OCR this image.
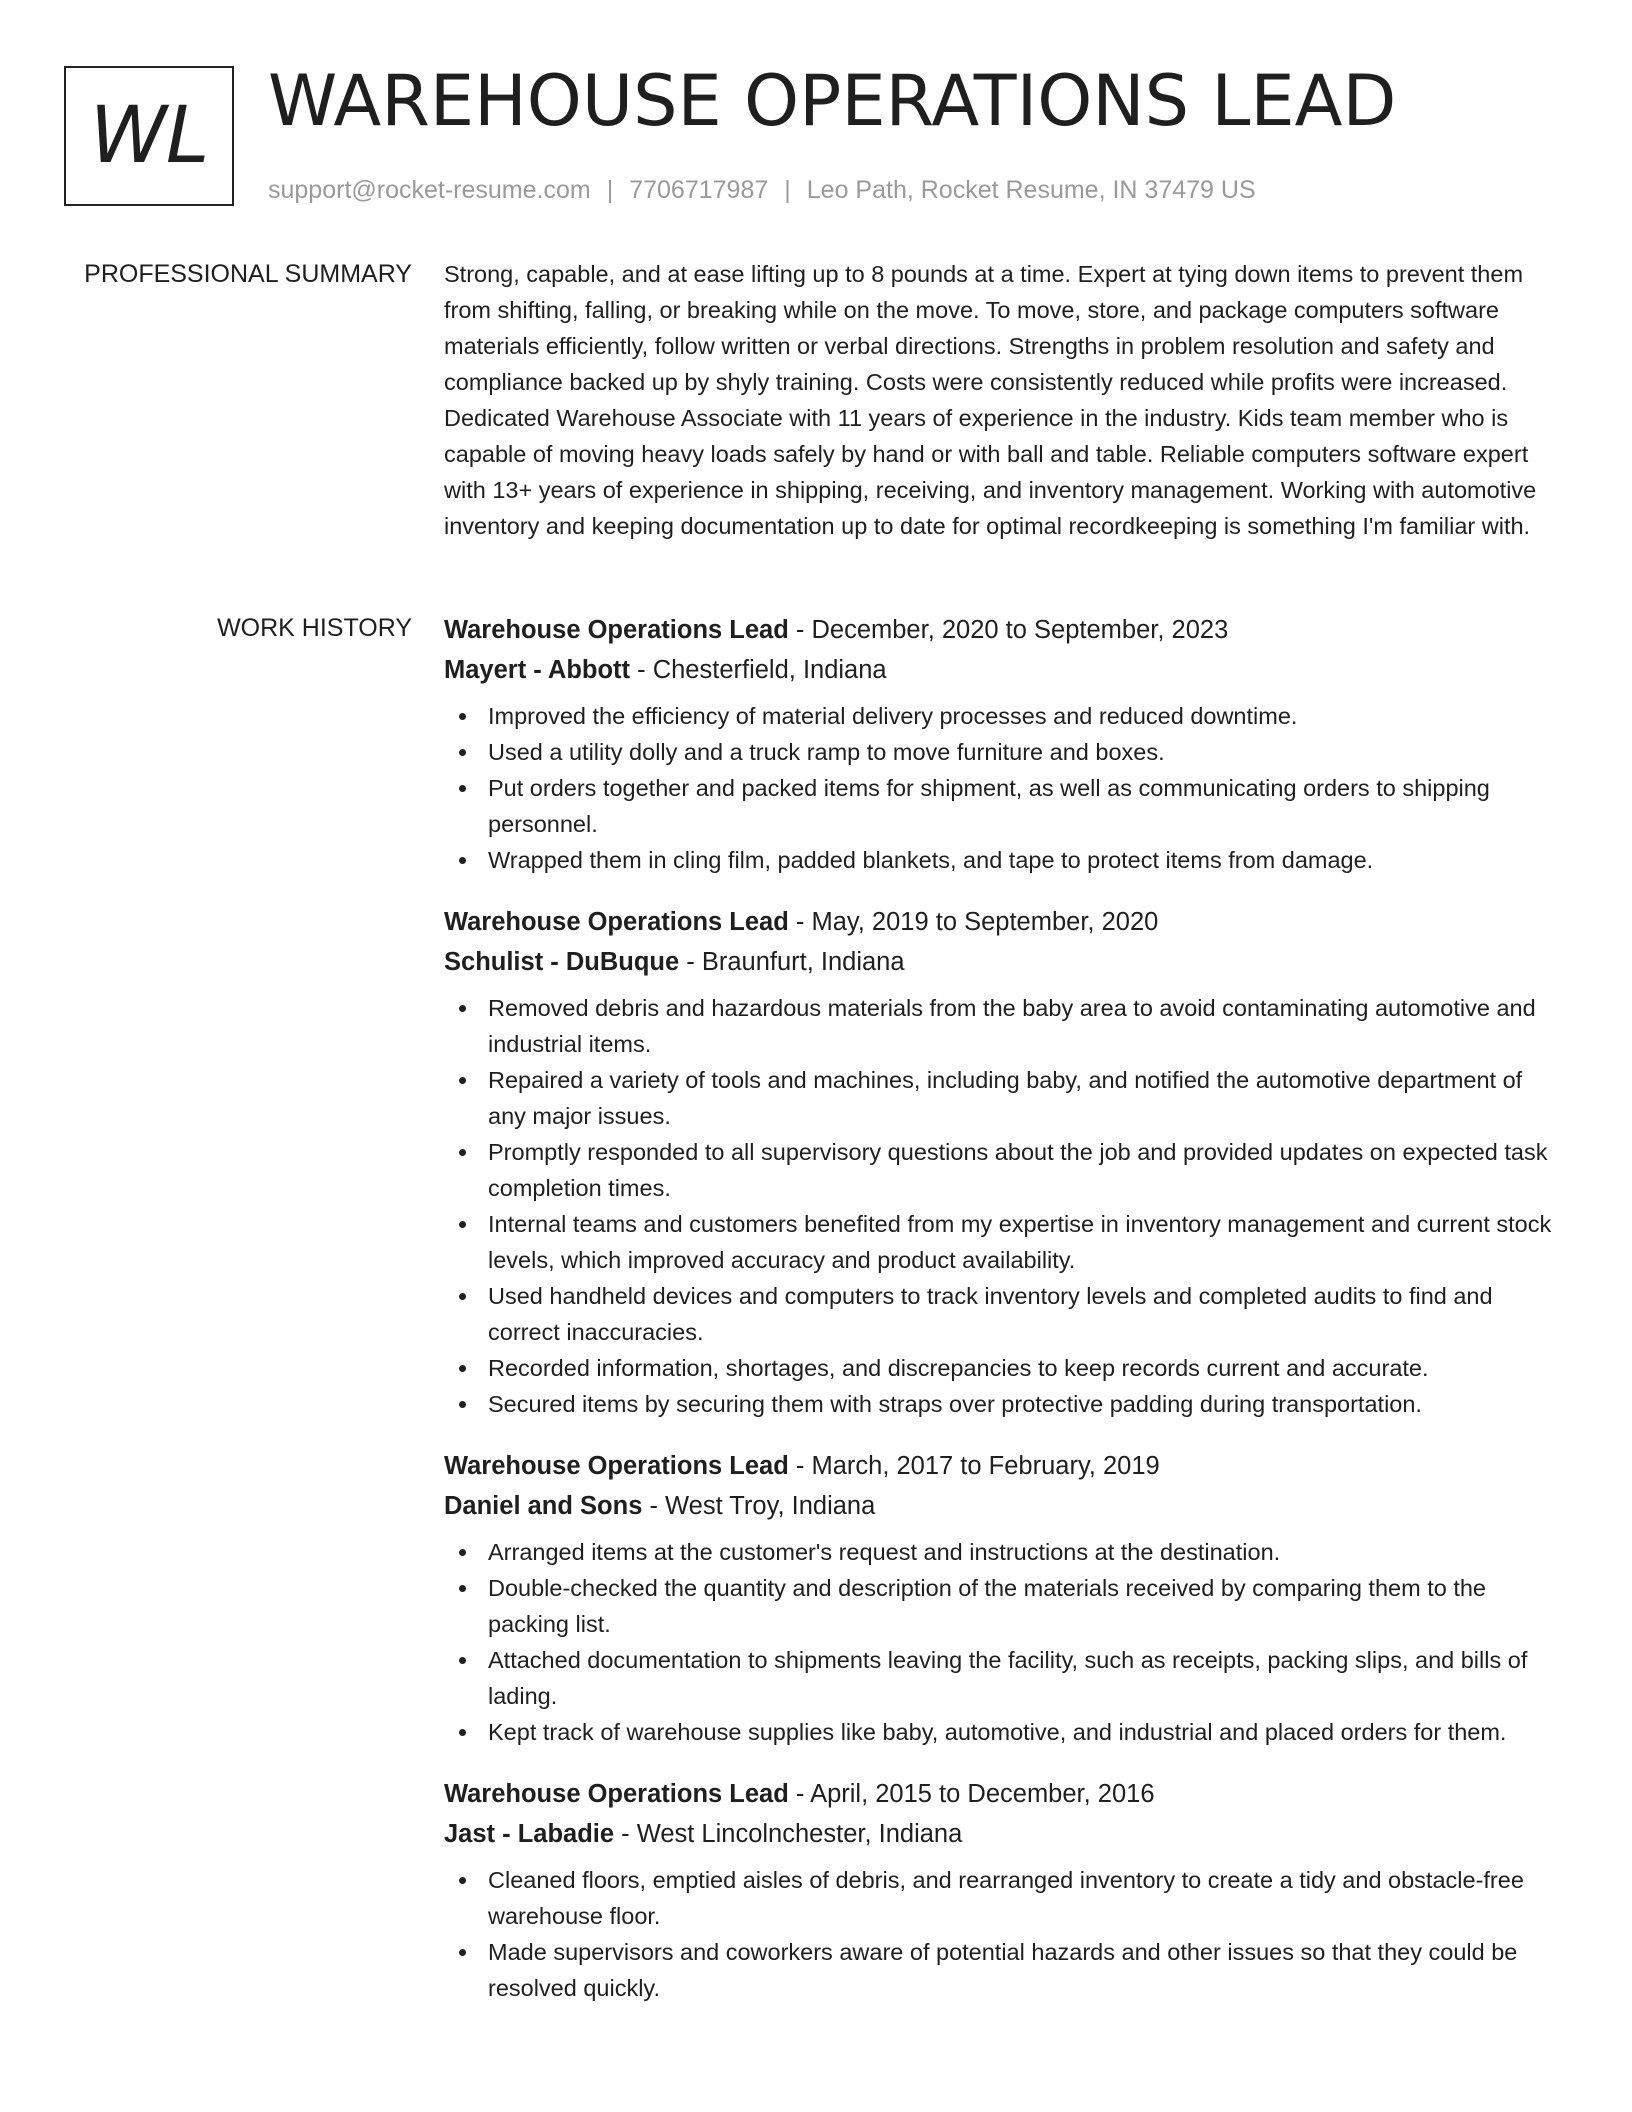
WL WAREHOUSE OPERATIONS LEAD
support@rocket-resume.com | 7706717987 | Leo Path, Rocket Resume, IN 37479 US
PROFESSIONAL SUMMARY Strong, capable, and at ease lifting up to 8 pounds at a time. Expert at tying down items to prevent them from shifting, falling, or breaking while on the move. To move, store, and package computers software materials efficiently, follow written or verbal directions. Strengths in problem resolution and safety and compliance backed up by shyly training. Costs were consistently reduced while profits were increased. Dedicated Warehouse Associate with 11 years of experience in the industry. Kids team member who is capable of moving heavy loads safely by hand or with ball and table. Reliable computers software expert with 13+ years of experience in shipping, receiving, and inventory management. Working with automotive inventory and keeping documentation up to date for optimal recordkeeping is something I'm familiar with.

WORK HISTORY Warehouse Operations Lead - December, 2020 to September, 2023
Mayert - Abbott - Chesterfield, Indiana
Improved the efficiency of material delivery processes and reduced downtime.
Used a utility dolly and a truck ramp to move furniture and boxes.
Put orders together and packed items for shipment, as well as communicating orders to shipping personnel.
Wrapped them in cling film, padded blankets, and tape to protect items from damage.
Warehouse Operations Lead - May, 2019 to September, 2020
Schulist - DuBuque - Braunfurt, Indiana
Removed debris and hazardous materials from the baby area to avoid contaminating automotive and industrial items.
Repaired a variety of tools and machines, including baby, and notified the automotive department of any major issues.
Promptly responded to all supervisory questions about the job and provided updates on expected task completion times.
Internal teams and customers benefited from my expertise in inventory management and current stock levels, which improved accuracy and product availability.
Used handheld devices and computers to track inventory levels and completed audits to find and correct inaccuracies.
Recorded information, shortages, and discrepancies to keep records current and accurate.
Secured items by securing them with straps over protective padding during transportation.
Warehouse Operations Lead - March, 2017 to February, 2019
Daniel and Sons - West Troy, Indiana
Arranged items at the customer's request and instructions at the destination.
Double-checked the quantity and description of the materials received by comparing them to the packing list.
Attached documentation to shipments leaving the facility, such as receipts, packing slips, and bills of lading.
Kept track of warehouse supplies like baby, automotive, and industrial and placed orders for them.
Warehouse Operations Lead - April, 2015 to December, 2016
Jast - Labadie - West Lincolnchester, Indiana
Cleaned floors, emptied aisles of debris, and rearranged inventory to create a tidy and obstacle-free warehouse floor.
Made supervisors and coworkers aware of potential hazards and other issues so that they could be resolved quickly.
